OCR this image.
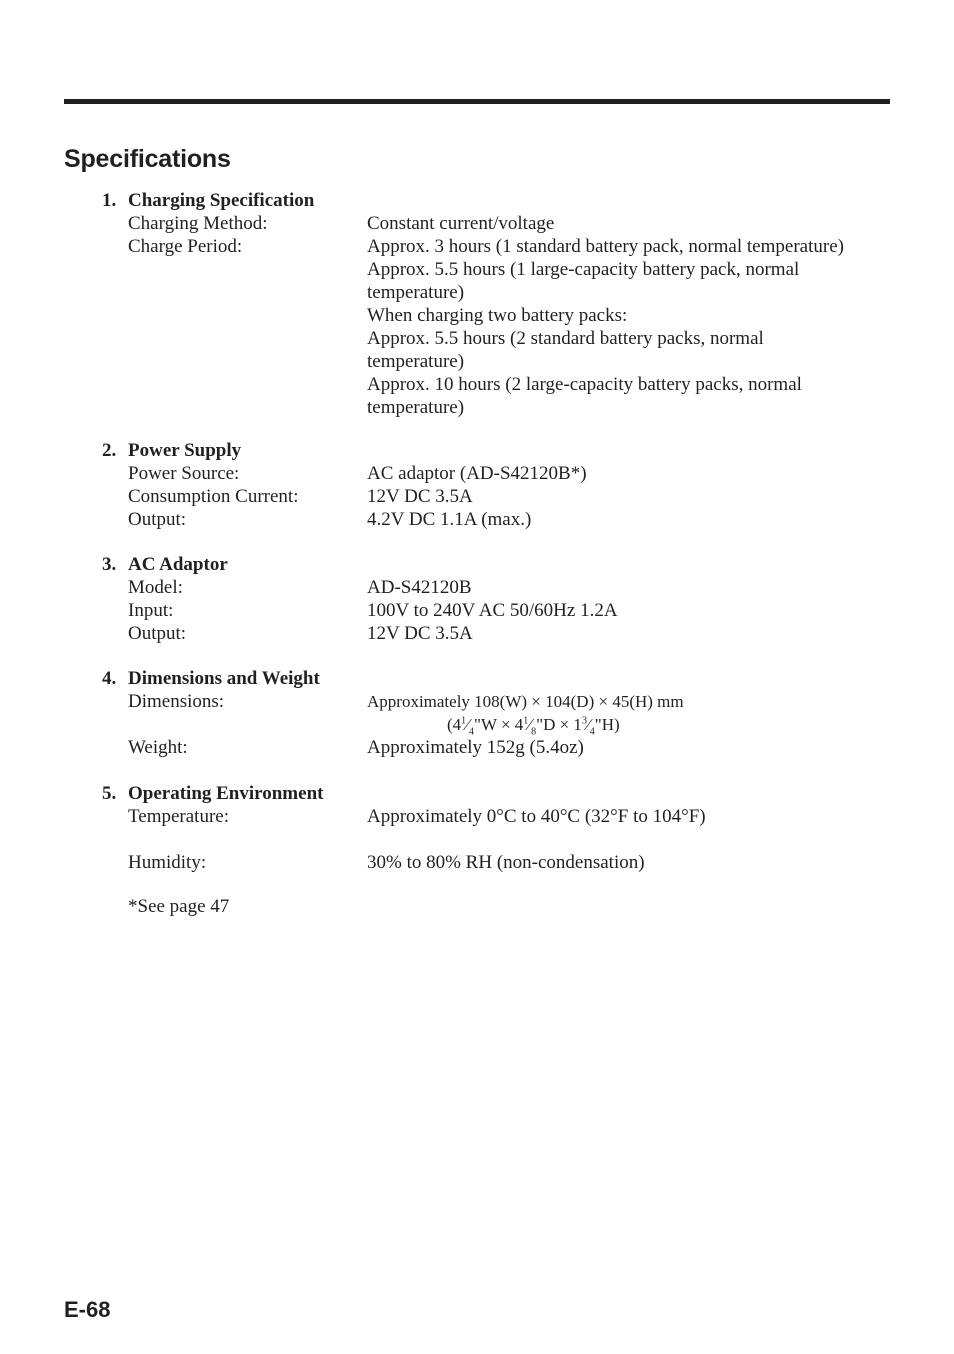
Specifications
1. Charging Specification
Charging Method:	Constant current/voltage
Charge Period:	Approx. 3 hours (1 standard battery pack, normal temperature)
Approx. 5.5 hours (1 large-capacity battery pack, normal
temperature)
When charging two battery packs:
Approx. 5.5 hours (2 standard battery packs, normal
temperature)
Approx. 10 hours (2 large-capacity battery packs, normal
temperature)
2. Power Supply
Power Source:	AC adaptor (AD-S42120B*)
Consumption Current:	12V DC 3.5A
Output:	4.2V DC 1.1A (max.)
3. AC Adaptor
Model:	AD-S42120B
Input:	100V to 240V AC 50/60Hz 1.2A
Output:	12V DC 3.5A
4. Dimensions and Weight
Dimensions:	Approximately 108(W) × 104(D) × 45(H) mm
($4^1⁄_4"W$ × $4^1⁄_8"D$ × $1^3⁄_4"H$)
Weight:	Approximately 152g (5.4oz)
5. Operating Environment
Temperature:	Approximately 0°C to 40°C (32°F to 104°F)
Humidity:	30% to 80% RH (non-condensation)
*See page 47
E-68
